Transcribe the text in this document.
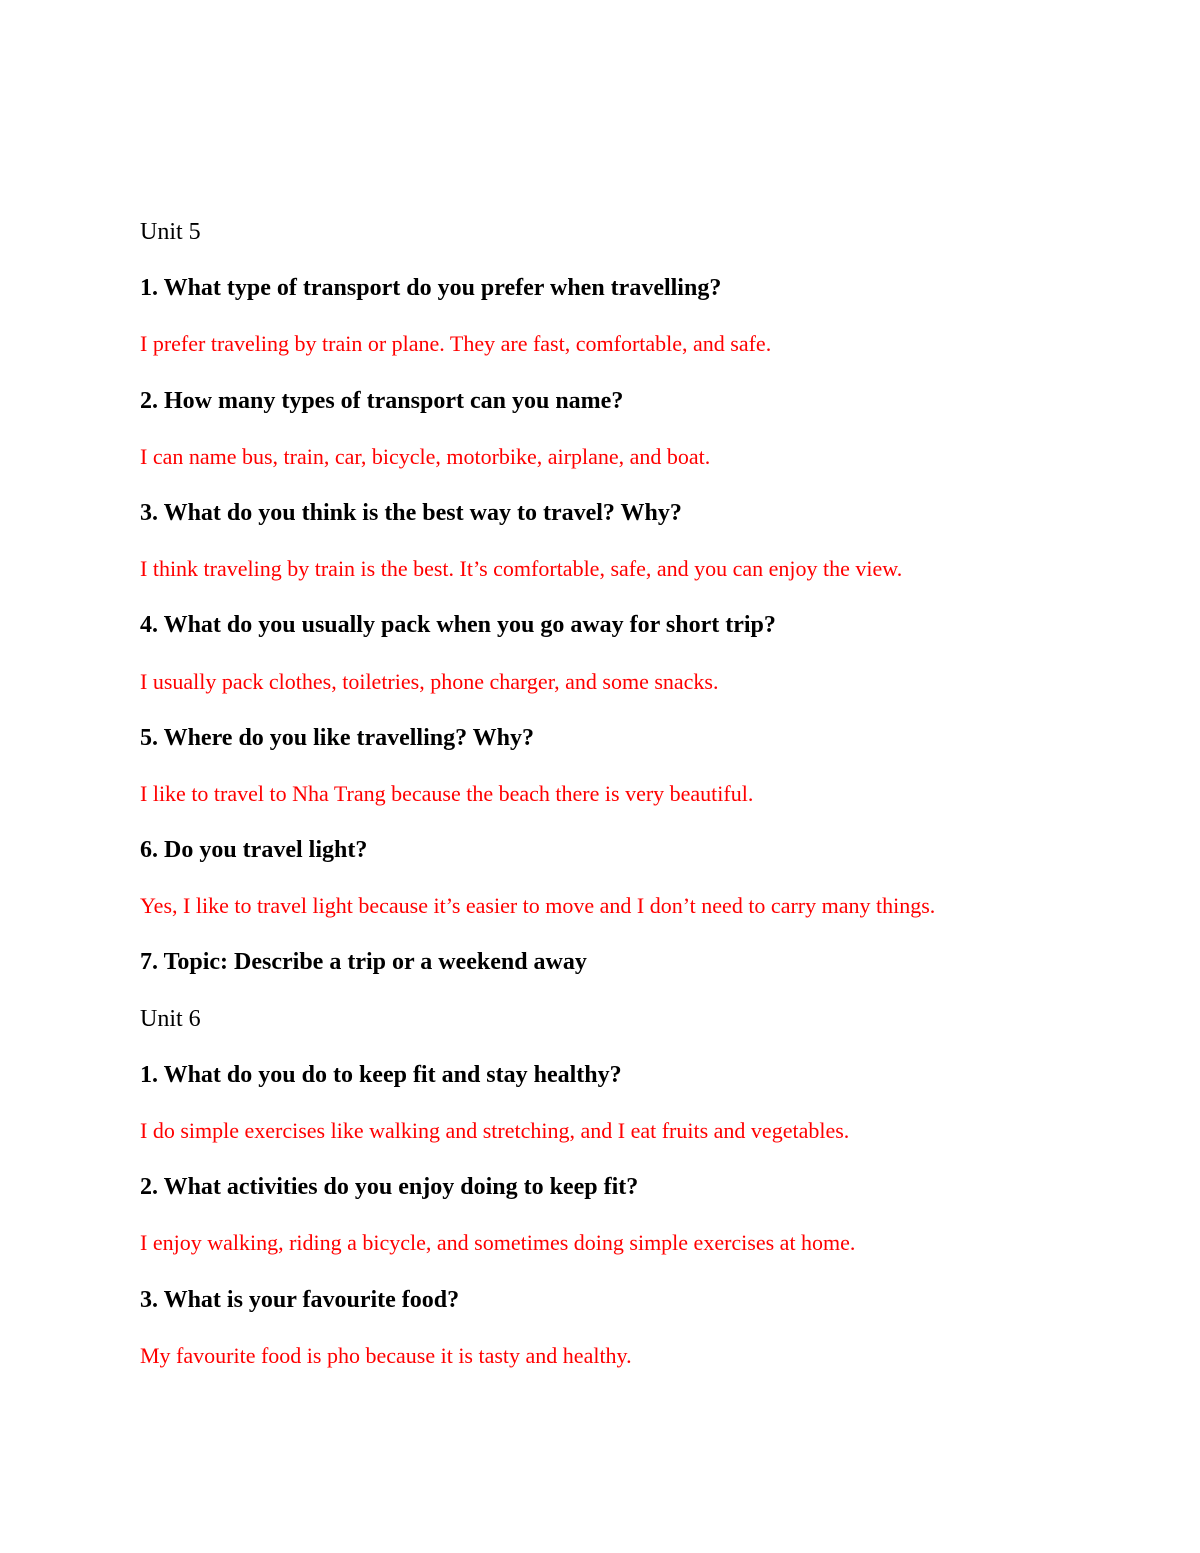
Unit 5
1. What type of transport do you prefer when travelling?
I prefer traveling by train or plane. They are fast, comfortable, and safe.
2. How many types of transport can you name?
I can name bus, train, car, bicycle, motorbike, airplane, and boat.
3. What do you think is the best way to travel? Why?
I think traveling by train is the best. It’s comfortable, safe, and you can enjoy the view.
4. What do you usually pack when you go away for short trip?
I usually pack clothes, toiletries, phone charger, and some snacks.
5. Where do you like travelling? Why?
I like to travel to Nha Trang because the beach there is very beautiful.
6. Do you travel light?
Yes, I like to travel light because it’s easier to move and I don’t need to carry many things.
7. Topic: Describe a trip or a weekend away
Unit 6
1. What do you do to keep fit and stay healthy?
I do simple exercises like walking and stretching, and I eat fruits and vegetables.
2. What activities do you enjoy doing to keep fit?
I enjoy walking, riding a bicycle, and sometimes doing simple exercises at home.
3. What is your favourite food?
My favourite food is pho because it is tasty and healthy.
